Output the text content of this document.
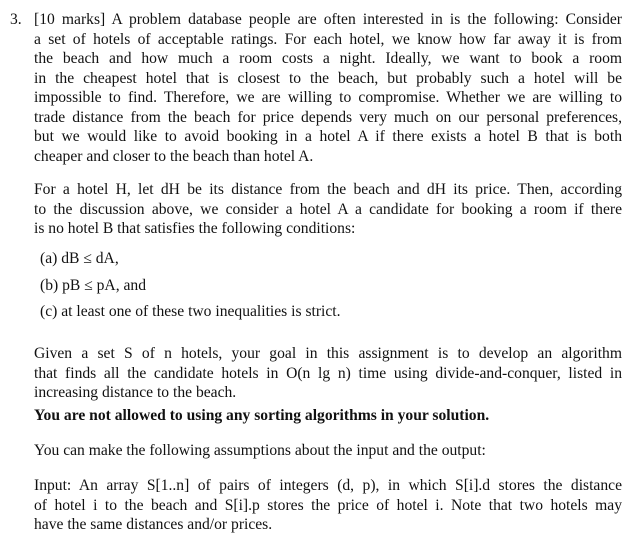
3. [10 marks] A problem database people are often interested in is the following: Consider
a set of hotels of acceptable ratings. For each hotel, we know how far away it is from
the beach and how much a room costs a night. Ideally, we want to book a room
in the cheapest hotel that is closest to the beach, but probably such a hotel will be
impossible to find. Therefore, we are willing to compromise. Whether we are willing to
trade distance from the beach for price depends very much on our personal preferences,
but we would like to avoid booking in a hotel A if there exists a hotel B that is both
cheaper and closer to the beach than hotel A.
For a hotel H, let dH be its distance from the beach and dH its price. Then, according
to the discussion above, we consider a hotel A a candidate for booking a room if there
is no hotel B that satisfies the following conditions:
(a) dB ≤ dA,
(b) pB ≤ pA, and
(c) at least one of these two inequalities is strict.
Given a set S of n hotels, your goal in this assignment is to develop an algorithm
that finds all the candidate hotels in O(n lg n) time using divide-and-conquer, listed in
increasing distance to the beach.
You are not allowed to using any sorting algorithms in your solution.
You can make the following assumptions about the input and the output:
Input: An array S[1..n] of pairs of integers (d, p), in which S[i].d stores the distance
of hotel i to the beach and S[i].p stores the price of hotel i. Note that two hotels may
have the same distances and/or prices.
